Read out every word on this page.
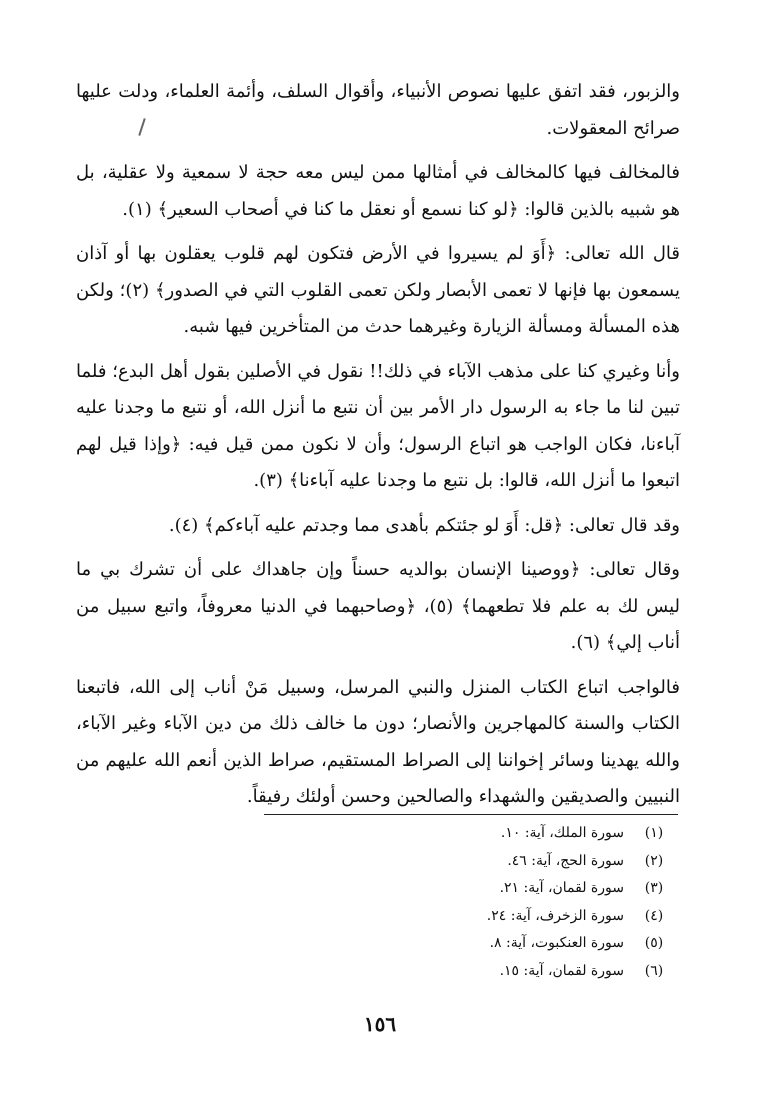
والزبور، فقد اتفق عليها نصوص الأنبياء، وأقوال السلف، وأئمة العلماء، ودلت عليها صرائح المعقولات.

فالمخالف فيها كالمخالف في أمثالها ممن ليس معه حجة لا سمعية ولا عقلية، بل هو شبيه بالذين قالوا: ﴿لو كنا نسمع أو نعقل ما كنا في أصحاب السعير﴾ (١).

قال الله تعالى: ﴿أَوَ لم يسيروا في الأرض فتكون لهم قلوب يعقلون بها أو آذان يسمعون بها فإنها لا تعمى الأبصار ولكن تعمى القلوب التي في الصدور﴾ (٢)؛ ولكن هذه المسألة ومسألة الزيارة وغيرهما حدث من المتأخرين فيها شبه.

وأنا وغيري كنا على مذهب الآباء في ذلك!! نقول في الأصلين بقول أهل البدع؛ فلما تبين لنا ما جاء به الرسول دار الأمر بين أن نتبع ما أنزل الله، أو نتبع ما وجدنا عليه آباءنا، فكان الواجب هو اتباع الرسول؛ وأن لا نكون ممن قيل فيه: ﴿وإذا قيل لهم اتبعوا ما أنزل الله، قالوا: بل نتبع ما وجدنا عليه آباءنا﴾ (٣).

وقد قال تعالى: ﴿قل: أَوَ لو جئتكم بأهدى مما وجدتم عليه آباءكم﴾ (٤).

وقال تعالى: ﴿ووصينا الإنسان بوالديه حسناً وإن جاهداك على أن تشرك بي ما ليس لك به علم فلا تطعهما﴾ (٥)، ﴿وصاحبهما في الدنيا معروفاً، واتبع سبيل من أناب إلي﴾ (٦).

فالواجب اتباع الكتاب المنزل والنبي المرسل، وسبيل مَنْ أناب إلى الله، فاتبعنا الكتاب والسنة كالمهاجرين والأنصار؛ دون ما خالف ذلك من دين الآباء وغير الآباء، والله يهدينا وسائر إخواننا إلى الصراط المستقيم، صراط الذين أنعم الله عليهم من النبيين والصديقين والشهداء والصالحين وحسن أولئك رفيقاً.

(١)سورة الملك، آية: ١٠.
(٢)سورة الحج، آية: ٤٦.
(٣)سورة لقمان، آية: ٢١.
(٤)سورة الزخرف، آية: ٢٤.
(٥)سورة العنكبوت، آية: ٨.
(٦)سورة لقمان، آية: ١٥.
١٥٦
